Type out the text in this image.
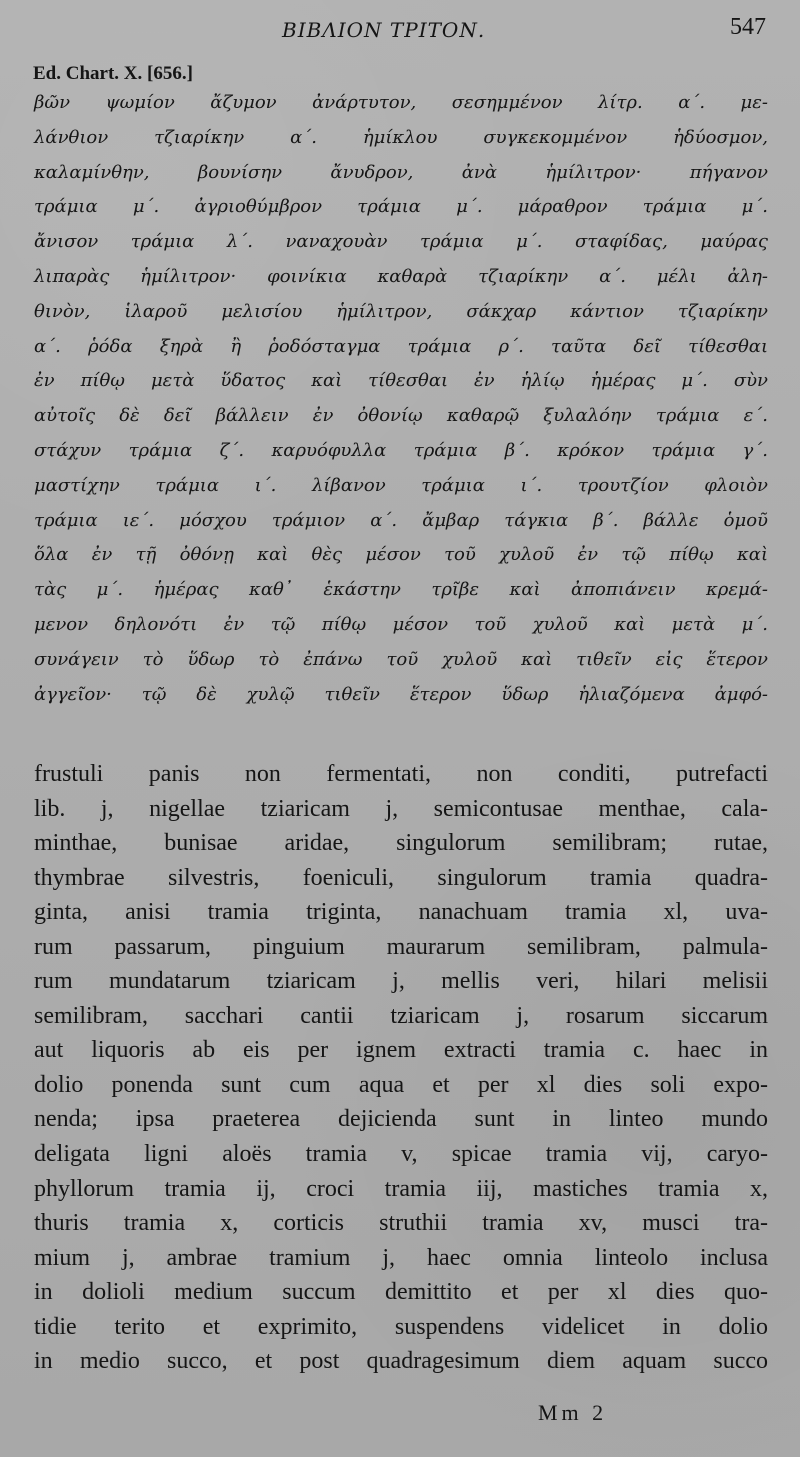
ΒΙΒΛΙΟΝ ΤΡΙΤΟΝ.	547
Ed. Chart. X. [656.]
βῶν ψωμίον ἄζυμον ἀνάρτυτον, σεσημμένον λίτρ. α΄. με-
λάνθιον τζιαρίκην α΄. ἡμίκλου συγκεκομμένον ἡδύοσμον,
καλαμίνθην, βουνίσην ἄνυδρον, ἀνὰ ἡμίλιτρον· πήγανον
τράμια μ΄. ἀγριοθύμβρον τράμια μ΄. μάραθρον τράμια μ΄.
ἄνισον τράμια λ΄. ναναχουὰν τράμια μ΄. σταφίδας, μαύρας
λιπαρὰς ἡμίλιτρον· φοινίκια καθαρὰ τζιαρίκην α΄. μέλι ἀλη-
θινὸν, ἱλαροῦ μελισίου ἡμίλιτρον, σάκχαρ κάντιον τζιαρίκην
α΄. ῥόδα ξηρὰ ἢ ῥοδόσταγμα τράμια ρ΄. ταῦτα δεῖ τίθεσθαι
ἐν πίθῳ μετὰ ὕδατος καὶ τίθεσθαι ἐν ἡλίῳ ἡμέρας μ΄. σὺν
αὐτοῖς δὲ δεῖ βάλλειν ἐν ὀθονίῳ καθαρῷ ξυλαλόην τράμια ε΄.
στάχυν τράμια ζ΄. καρυόφυλλα τράμια β΄. κρόκον τράμια γ΄.
μαστίχην τράμια ι΄. λίβανον τράμια ι΄. τρουτζίον φλοιὸν
τράμια ιε΄. μόσχου τράμιον α΄. ἄμβαρ τάγκια β΄. βάλλε ὁμοῦ
ὅλα ἐν τῇ ὀθόνῃ καὶ θὲς μέσον τοῦ χυλοῦ ἐν τῷ πίθῳ καὶ
τὰς μ΄. ἡμέρας καθ᾽ ἑκάστην τρῖβε καὶ ἀποπιάνειν κρεμά-
μενον δηλονότι ἐν τῷ πίθῳ μέσον τοῦ χυλοῦ καὶ μετὰ μ΄.
συνάγειν τὸ ὕδωρ τὸ ἐπάνω τοῦ χυλοῦ καὶ τιθεῖν εἰς ἕτερον
ἀγγεῖον· τῷ δὲ χυλῷ τιθεῖν ἕτερον ὕδωρ ἡλιαζόμενα ἀμφό-
frustuli panis non fermentati, non conditi, putrefacti
lib. j, nigellae tziaricam j, semicontusae menthae, cala-
minthae, bunisae aridae, singulorum semilibram; rutae,
thymbrae silvestris, foeniculi, singulorum tramia quadra-
ginta, anisi tramia triginta, nanachuam tramia xl, uva-
rum passarum, pinguium maurarum semilibram, palmula-
rum mundatarum tziaricam j, mellis veri, hilari melisii
semilibram, sacchari cantii tziaricam j, rosarum siccarum
aut liquoris ab eis per ignem extracti tramia c. haec in
dolio ponenda sunt cum aqua et per xl dies soli expo-
nenda; ipsa praeterea dejicienda sunt in linteo mundo
deligata ligni aloës tramia v, spicae tramia vij, caryo-
phyllorum tramia ij, croci tramia iij, mastiches tramia x,
thuris tramia x, corticis struthii tramia xv, musci tra-
mium j, ambrae tramium j, haec omnia linteolo inclusa
in dolioli medium succum demittito et per xl dies quo-
tidie terito et exprimito, suspendens videlicet in dolio
in medio succo, et post quadragesimum diem aquam succo
Mm 2
